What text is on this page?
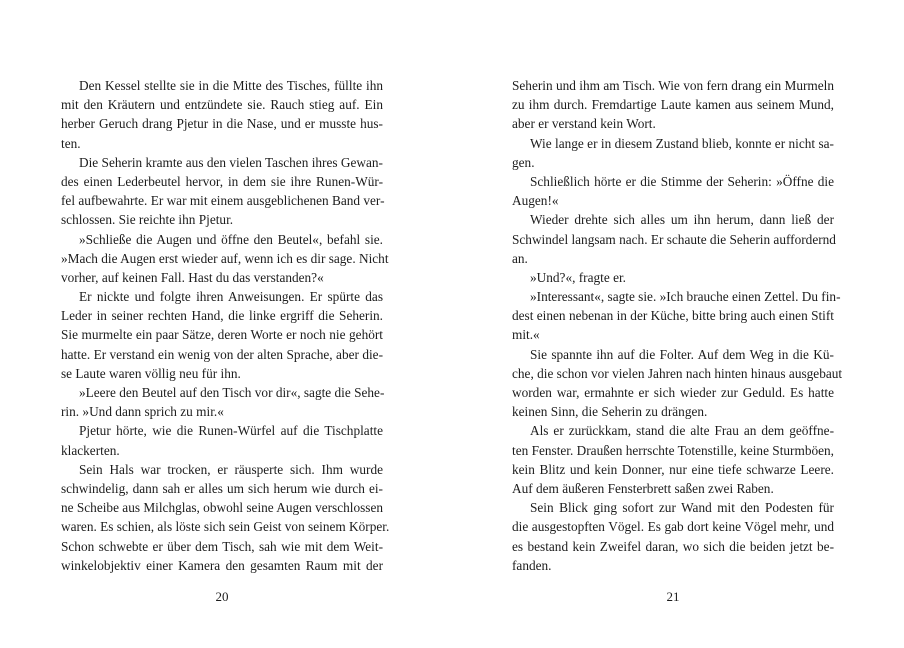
Den Kessel stellte sie in die Mitte des Tisches, füllte ihn
mit den Kräutern und entzündete sie. Rauch stieg auf. Ein
herber Geruch drang Pjetur in die Nase, und er musste hus-
ten.
Die Seherin kramte aus den vielen Taschen ihres Gewan-
des einen Lederbeutel hervor, in dem sie ihre Runen-Wür-
fel aufbewahrte. Er war mit einem ausgeblichenen Band ver-
schlossen. Sie reichte ihn Pjetur.
»Schließe die Augen und öffne den Beutel«, befahl sie.
»Mach die Augen erst wieder auf, wenn ich es dir sage. Nicht
vorher, auf keinen Fall. Hast du das verstanden?«
Er nickte und folgte ihren Anweisungen. Er spürte das
Leder in seiner rechten Hand, die linke ergriff die Seherin.
Sie murmelte ein paar Sätze, deren Worte er noch nie gehört
hatte. Er verstand ein wenig von der alten Sprache, aber die-
se Laute waren völlig neu für ihn.
»Leere den Beutel auf den Tisch vor dir«, sagte die Sehe-
rin. »Und dann sprich zu mir.«
Pjetur hörte, wie die Runen-Würfel auf die Tischplatte
klackerten.
Sein Hals war trocken, er räusperte sich. Ihm wurde
schwindelig, dann sah er alles um sich herum wie durch ei-
ne Scheibe aus Milchglas, obwohl seine Augen verschlossen
waren. Es schien, als löste sich sein Geist von seinem Körper.
Schon schwebte er über dem Tisch, sah wie mit dem Weit-
winkelobjektiv einer Kamera den gesamten Raum mit der
Seherin und ihm am Tisch. Wie von fern drang ein Murmeln
zu ihm durch. Fremdartige Laute kamen aus seinem Mund,
aber er verstand kein Wort.
Wie lange er in diesem Zustand blieb, konnte er nicht sa-
gen.
Schließlich hörte er die Stimme der Seherin: »Öffne die
Augen!«
Wieder drehte sich alles um ihn herum, dann ließ der
Schwindel langsam nach. Er schaute die Seherin auffordernd
an.
»Und?«, fragte er.
»Interessant«, sagte sie. »Ich brauche einen Zettel. Du fin-
dest einen nebenan in der Küche, bitte bring auch einen Stift
mit.«
Sie spannte ihn auf die Folter. Auf dem Weg in die Kü-
che, die schon vor vielen Jahren nach hinten hinaus ausgebaut
worden war, ermahnte er sich wieder zur Geduld. Es hatte
keinen Sinn, die Seherin zu drängen.
Als er zurückkam, stand die alte Frau an dem geöffne-
ten Fenster. Draußen herrschte Totenstille, keine Sturmböen,
kein Blitz und kein Donner, nur eine tiefe schwarze Leere.
Auf dem äußeren Fensterbrett saßen zwei Raben.
Sein Blick ging sofort zur Wand mit den Podesten für
die ausgestopften Vögel. Es gab dort keine Vögel mehr, und
es bestand kein Zweifel daran, wo sich die beiden jetzt be-
fanden.
20	21
